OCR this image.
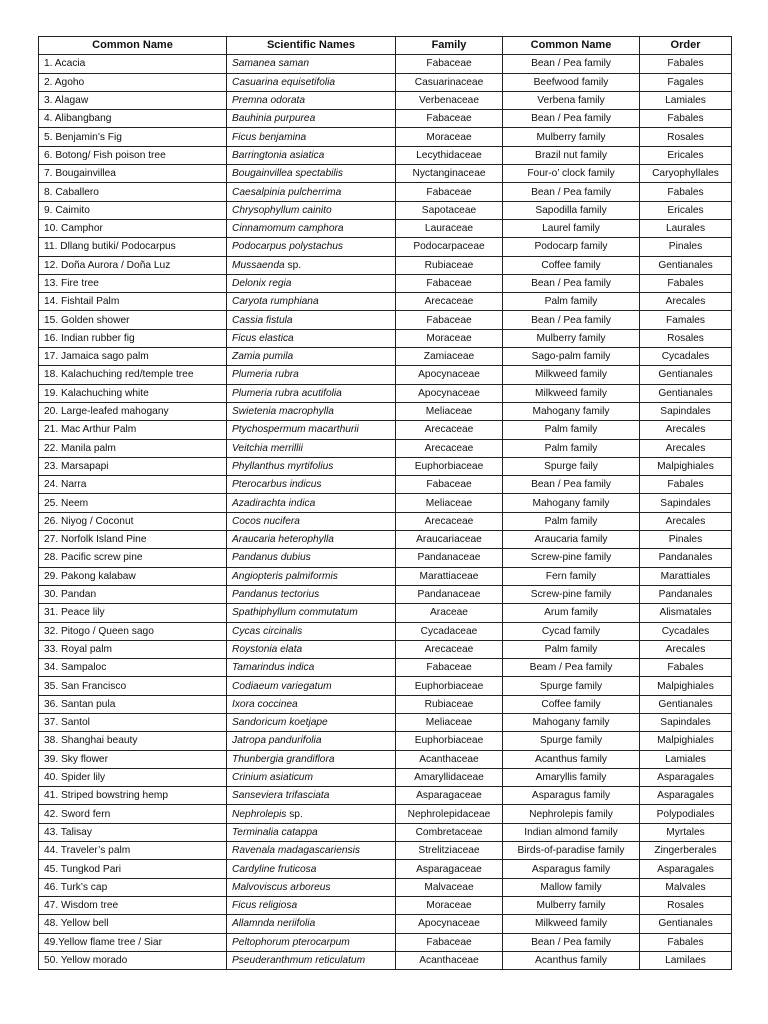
Common Name	Scientific Names	Family	Common Name	Order
1. Acacia	Samanea saman	Fabaceae	Bean / Pea family	Fabales
2. Agoho	Casuarina equisetifolia	Casuarinaceae	Beefwood family	Fagales
3. Alagaw	Premna odorata	Verbenaceae	Verbena family	Lamiales
4. Alibangbang	Bauhinia purpurea	Fabaceae	Bean / Pea family	Fabales
5. Benjamin’s Fig	Ficus benjamina	Moraceae	Mulberry family	Rosales
6. Botong/ Fish poison tree	Barringtonia asiatica	Lecythidaceae	Brazil nut family	Ericales
7. Bougainvillea	Bougainvillea spectabilis	Nyctanginaceae	Four-o’ clock family	Caryophyllales
8. Caballero	Caesalpinia pulcherrima	Fabaceae	Bean / Pea family	Fabales
9. Caimito	Chrysophyllum cainito	Sapotaceae	Sapodilla family	Ericales
10. Camphor	Cinnamomum camphora	Lauraceae	Laurel family	Laurales
11. Dllang butiki/ Podocarpus	Podocarpus polystachus	Podocarpaceae	Podocarp family	Pinales
12. Doña Aurora / Doña Luz	Mussaenda sp.	Rubiaceae	Coffee family	Gentianales
13. Fire tree	Delonix regia	Fabaceae	Bean / Pea family	Fabales
14. Fishtail Palm	Caryota rumphiana	Arecaceae	Palm family	Arecales
15. Golden shower	Cassia fistula	Fabaceae	Bean / Pea family	Famales
16. Indian rubber fig	Ficus elastica	Moraceae	Mulberry family	Rosales
17. Jamaica sago palm	Zamia pumila	Zamiaceae	Sago-palm family	Cycadales
18. Kalachuching red/temple tree	Plumeria rubra	Apocynaceae	Milkweed family	Gentianales
19. Kalachuching white	Plumeria rubra acutifolia	Apocynaceae	Milkweed family	Gentianales
20. Large-leafed mahogany	Swietenia macrophylla	Meliaceae	Mahogany family	Sapindales
21. Mac Arthur Palm	Ptychospermum macarthurii	Arecaceae	Palm family	Arecales
22. Manila palm	Veitchia merrillii	Arecaceae	Palm family	Arecales
23. Marsapapi	Phyllanthus myrtifolius	Euphorbiaceae	Spurge faily	Malpighiales
24. Narra	Pterocarbus indicus	Fabaceae	Bean / Pea family	Fabales
25. Neem	Azadirachta indica	Meliaceae	Mahogany family	Sapindales
26. Niyog / Coconut	Cocos nucifera	Arecaceae	Palm family	Arecales
27. Norfolk Island Pine	Araucaria heterophylla	Araucariaceae	Araucaria family	Pinales
28. Pacific screw pine	Pandanus dubius	Pandanaceae	Screw-pine family	Pandanales
29. Pakong kalabaw	Angiopteris palmiformis	Marattiaceae	Fern family	Marattiales
30. Pandan	Pandanus tectorius	Pandanaceae	Screw-pine family	Pandanales
31. Peace lily	Spathiphyllum commutatum	Araceae	Arum family	Alismatales
32. Pitogo / Queen sago	Cycas circinalis	Cycadaceae	Cycad family	Cycadales
33. Royal palm	Roystonia elata	Arecaceae	Palm family	Arecales
34. Sampaloc	Tamarindus indica	Fabaceae	Beam / Pea family	Fabales
35. San Francisco	Codiaeum variegatum	Euphorbiaceae	Spurge family	Malpighiales
36. Santan pula	Ixora coccinea	Rubiaceae	Coffee family	Gentianales
37. Santol	Sandoricum koetjape	Meliaceae	Mahogany family	Sapindales
38. Shanghai beauty	Jatropa pandurifolia	Euphorbiaceae	Spurge family	Malpighiales
39. Sky flower	Thunbergia grandiflora	Acanthaceae	Acanthus family	Lamiales
40. Spider lily	Crinium asiaticum	Amaryllidaceae	Amaryllis family	Asparagales
41. Striped bowstring hemp	Sanseviera trifasciata	Asparagaceae	Asparagus family	Asparagales
42. Sword fern	Nephrolepis sp.	Nephrolepidaceae	Nephrolepis family	Polypodiales
43. Talisay	Terminalia catappa	Combretaceae	Indian almond family	Myrtales
44. Traveler’s palm	Ravenala madagascariensis	Strelitziaceae	Birds-of-paradise family	Zingerberales
45. Tungkod Pari	Cardyline fruticosa	Asparagaceae	Asparagus family	Asparagales
46. Turk’s cap	Malvoviscus arboreus	Malvaceae	Mallow family	Malvales
47. Wisdom tree	Ficus religiosa	Moraceae	Mulberry family	Rosales
48. Yellow bell	Allamnda neriifolia	Apocynaceae	Milkweed family	Gentianales
49.Yellow flame tree / Siar	Peltophorum pterocarpum	Fabaceae	Bean / Pea family	Fabales
50. Yellow morado	Pseuderanthmum reticulatum	Acanthaceae	Acanthus family	Lamilaes
